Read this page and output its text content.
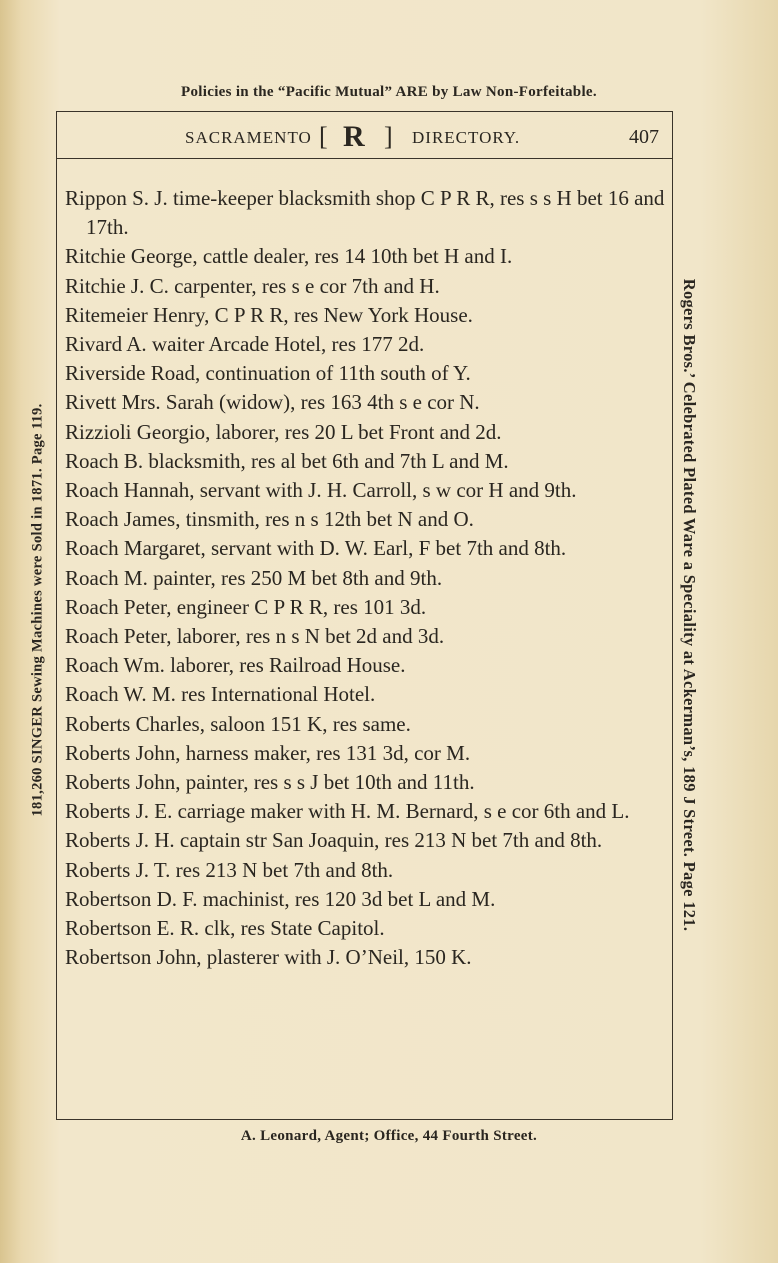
Policies in the “Pacific Mutual” ARE by Law Non-Forfeitable.
181,260 SINGER Sewing Machines were Sold in 1871. Page 119.
SACRAMENTO [ R ] DIRECTORY.	407

Rippon S. J. time-keeper blacksmith shop C P R R, res s s H bet 16 and 17th.

Ritchie George, cattle dealer, res 14 10th bet H and I.

Ritchie J. C. carpenter, res s e cor 7th and H.

Ritemeier Henry, C P R R, res New York House.

Rivard A. waiter Arcade Hotel, res 177 2d.

Riverside Road, continuation of 11th south of Y.

Rivett Mrs. Sarah (widow), res 163 4th s e cor N.

Rizzioli Georgio, laborer, res 20 L bet Front and 2d.

Roach B. blacksmith, res al bet 6th and 7th L and M.

Roach Hannah, servant with J. H. Carroll, s w cor H and 9th.

Roach James, tinsmith, res n s 12th bet N and O.

Roach Margaret, servant with D. W. Earl, F bet 7th and 8th.

Roach M. painter, res 250 M bet 8th and 9th.

Roach Peter, engineer C P R R, res 101 3d.

Roach Peter, laborer, res n s N bet 2d and 3d.

Roach Wm. laborer, res Railroad House.

Roach W. M. res International Hotel.

Roberts Charles, saloon 151 K, res same.

Roberts John, harness maker, res 131 3d, cor M.

Roberts John, painter, res s s J bet 10th and 11th.

Roberts J. E. carriage maker with H. M. Bernard, s e cor 6th and L.

Roberts J. H. captain str San Joaquin, res 213 N bet 7th and 8th.

Roberts J. T. res 213 N bet 7th and 8th.

Robertson D. F. machinist, res 120 3d bet L and M.

Robertson E. R. clk, res State Capitol.

Robertson John, plasterer with J. O’Neil, 150 K.

Rogers Bros.’ Celebrated Plated Ware a Speciality at Ackerman’s, 189 J Street. Page 121.
A. Leonard, Agent; Office, 44 Fourth Street.
